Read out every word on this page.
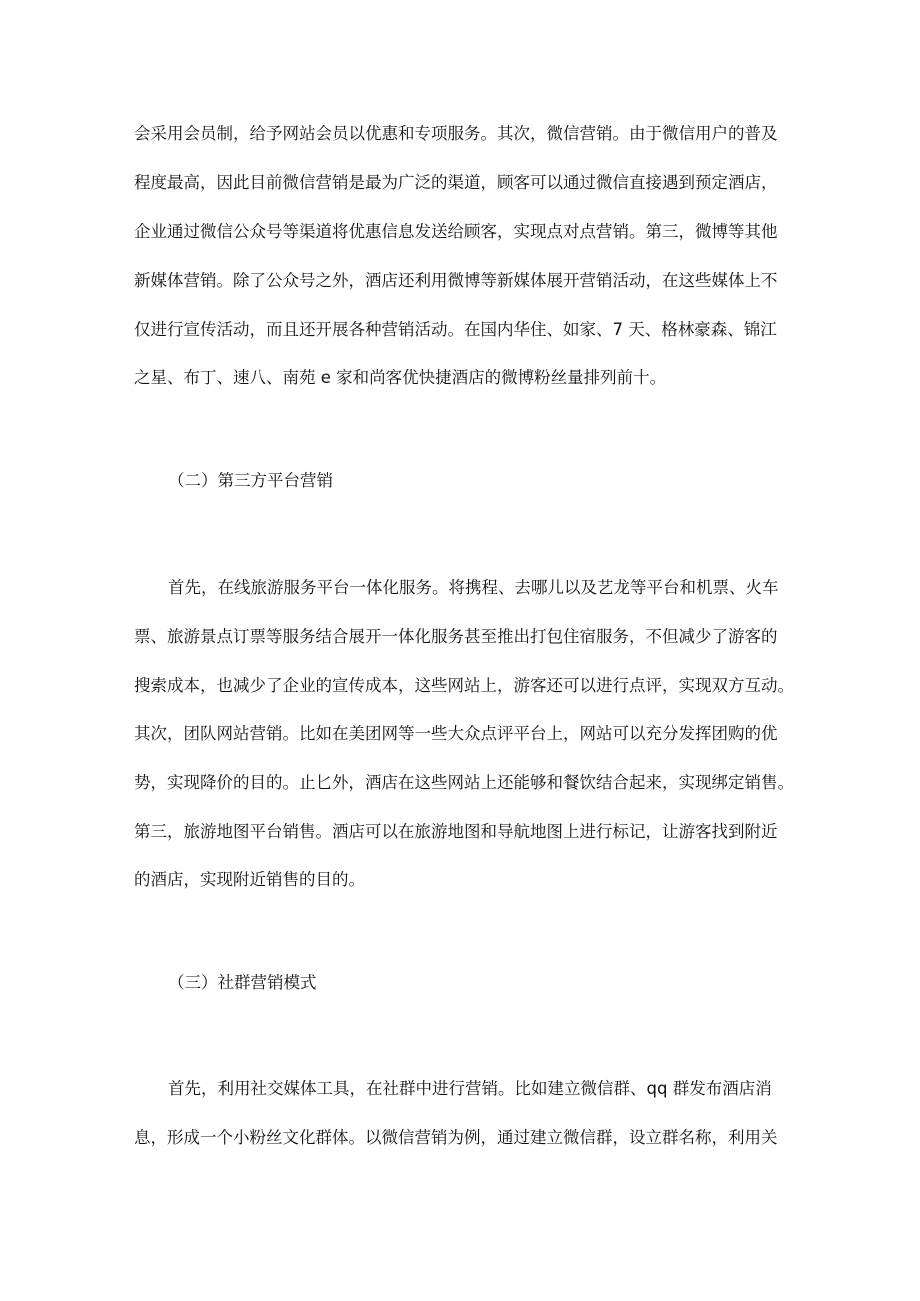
会采用会员制，给予网站会员以优惠和专项服务。其次，微信营销。由于微信用户的普及
程度最高，因此目前微信营销是最为广泛的渠道，顾客可以通过微信直接遇到预定酒店，
企业通过微信公众号等渠道将优惠信息发送给顾客，实现点对点营销。第三，微博等其他
新媒体营销。除了公众号之外，酒店还利用微博等新媒体展开营销活动，在这些媒体上不
仅进行宣传活动，而且还开展各种营销活动。在国内华住、如家、7 天、格林豪森、锦江
之星、布丁、速八、南苑 e 家和尚客优快捷酒店的微博粉丝量排列前十。
（二）第三方平台营销
首先，在线旅游服务平台一体化服务。将携程、去哪儿以及艺龙等平台和机票、火车
票、旅游景点订票等服务结合展开一体化服务甚至推出打包住宿服务，不但减少了游客的
搜索成本，也减少了企业的宣传成本，这些网站上，游客还可以进行点评，实现双方互动。
其次，团队网站营销。比如在美团网等一些大众点评平台上，网站可以充分发挥团购的优
势，实现降价的目的。止匕外，酒店在这些网站上还能够和餐饮结合起来，实现绑定销售。
第三，旅游地图平台销售。酒店可以在旅游地图和导航地图上进行标记，让游客找到附近
的酒店，实现附近销售的目的。
（三）社群营销模式
首先，利用社交媒体工具，在社群中进行营销。比如建立微信群、qq 群发布酒店消
息，形成一个小粉丝文化群体。以微信营销为例，通过建立微信群，设立群名称，利用关
